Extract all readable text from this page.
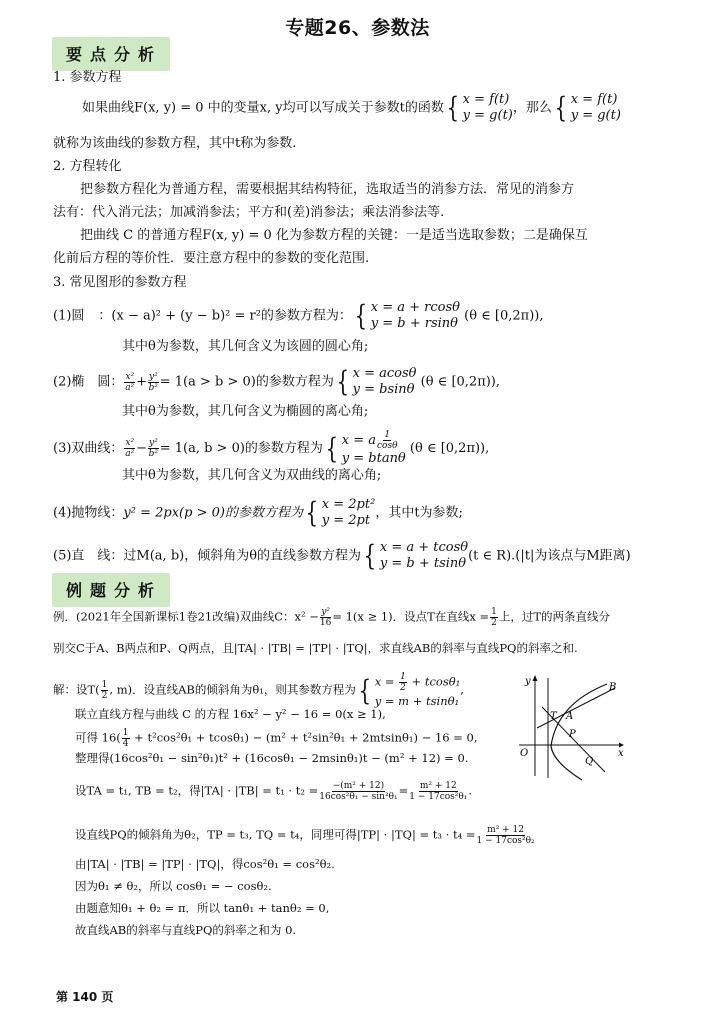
专题26、参数法
要点分析
1. 参数方程
如果曲线F(x, y) = 0 中的变量x, y均可以写成关于参数t的函数 { x = f(t)
y = g(t) ，那么 { x = f(t)
y = g(t)
就称为该曲线的参数方程，其中t称为参数.
2. 方程转化
把参数方程化为普通方程，需要根据其结构特征，选取适当的消参方法．常见的消参方
法有：代入消元法；加减消参法；平方和(差)消参法；乘法消参法等.
把曲线 C 的普通方程F(x, y) = 0 化为参数方程的关键：一是适当选取参数；二是确保互
化前后方程的等价性．要注意方程中的参数的变化范围.
3. 常见图形的参数方程
(1)圆 ：(x − a)² + (y − b)² = r²的参数方程为： { x = a + rcosθ
y = b + rsinθ (θ ∈ [0,2π)),
其中θ为参数，其几何含义为该圆的圆心角;
(2)椭　圆： $\frac{\text{x²}}{\text{a²}} + \frac{\text{y²}}{\text{b²}} = 1(a > b > 0)$的参数方程为 { x = acosθ
y = bsinθ (θ ∈ [0,2π)),
其中θ为参数，其几何含义为椭圆的离心角;
(3)双曲线： $\frac{\text{x²}}{\text{a²}} - \frac{\text{y²}}{\text{b²}} = 1(a$, b > 0)的参数方程为 { x = a $\frac{1}{\cos\theta}$
y = btanθ
(θ ∈ [0,2π)),
其中θ为参数，其几何含义为双曲线的离心角;
(4)抛物线：y² = 2px(p > 0)的参数方程为 { x = 2pt²
y = 2pt ，其中t为参数;
(5)直　线：过M(a, b)，倾斜角为θ的直线参数方程为 { x = a + tcosθ
y = b + tsinθ (t ∈ R).(|t|为该点与M距离)
例题分析
例．(2021年全国新课标1卷21改编)双曲线C：$x^2 - \frac{\text{y²}}{16} = 1(x \ge 1)$．设点T在直线$x = \frac{1}{2}$ 上，过T的两条直线分
别交C于A、B两点和P、Q两点，且|TA| · |TB| = |TP| · |TQ|，求直线AB的斜率与直线PQ的斜率之和.
解：设$T( \frac{1}{2}$ , m)．设直线AB的倾斜角为θ₁，则其参数方程为 { $x = \frac{1}{2} + tcos\theta_1$
y = m + tsinθ₁
,
联立直线方程与曲线 C 的方程 16x² − y² − 16 = 0(x ≥ 1),
可得 $16( \frac{1}{4} + t^2\cos^2\theta_1 + tcos\theta_1) - (m^2 + t^2\sin^2\theta_1 + 2mtsin\theta_1) - 16 = 0$,
整理得(16cos²θ₁ − sin²θ₁)t² + (16cosθ₁ − 2msinθ₁)t − (m² + 12) = 0.
设TA = t₁, TB = t₂，得$|TA| \cdot |TB| = t_1 \cdot t_2 = \frac{\text{−(m² + 12)}}{\text{16cos²θ₁ − sin²θ₁}} = \frac{\text{m² + 12}}{\text{1 − 17cos²θ₁}}$ .
设直线PQ的倾斜角为θ₂，TP = t₃, TQ = t₄，同理可得$|TP| \cdot |TQ| = t_3 \cdot t_4 = \frac{\text{m² + 12}}{\text{1 − 17cos²θ₂}}$
由|TA| · |TB| = |TP| · |TQ|，得cos²θ₁ = cos²θ₂.
因为θ₁ ≠ θ₂，所以 cosθ₁ = − cosθ₂.
由题意知θ₁ + θ₂ = π．所以 tanθ₁ + tanθ₂ = 0,
故直线AB的斜率与直线PQ的斜率之和为 0.
O	x
y
T A
B
P
Q
第 140 页
